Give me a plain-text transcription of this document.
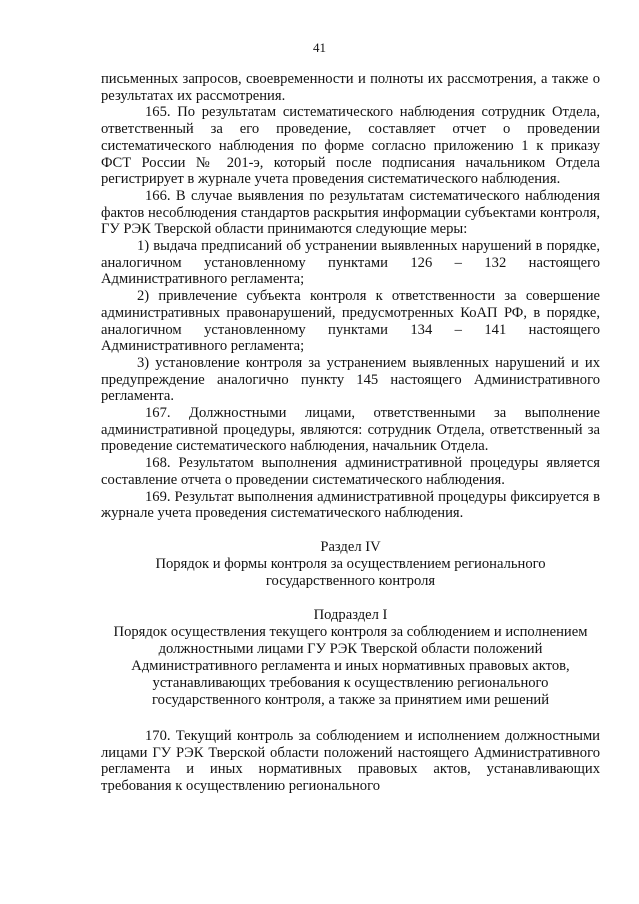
41

письменных запросов, своевременности и полноты их рассмотрения, а также о результатах их рассмотрения.

165. По результатам систематического наблюдения сотрудник Отдела, ответственный за его проведение, составляет отчет о проведении систематического наблюдения по форме согласно приложению 1 к приказу ФСТ России № 201-э, который после подписания начальником Отдела регистрирует в журнале учета проведения систематического наблюдения.

166. В случае выявления по результатам систематического наблюдения фактов несоблюдения стандартов раскрытия информации субъектами контроля, ГУ РЭК Тверской области принимаются следующие меры:

1) выдача предписаний об устранении выявленных нарушений в порядке, аналогичном установленному пунктами 126 – 132 настоящего Административного регламента;

2) привлечение субъекта контроля к ответственности за совершение административных правонарушений, предусмотренных КоАП РФ, в порядке, аналогичном установленному пунктами 134 – 141 настоящего Административного регламента;

3) установление контроля за устранением выявленных нарушений и их предупреждение аналогично пункту 145 настоящего Административного регламента.

167. Должностными лицами, ответственными за выполнение административной процедуры, являются: сотрудник Отдела, ответственный за проведение систематического наблюдения, начальник Отдела.

168. Результатом выполнения административной процедуры является составление отчета о проведении систематического наблюдения.

169. Результат выполнения административной процедуры фиксируется в журнале учета проведения систематического наблюдения.

Раздел IV

Порядок и формы контроля за осуществлением регионального

государственного контроля

Подраздел I

Порядок осуществления текущего контроля за соблюдением и исполнением

должностными лицами ГУ РЭК Тверской области положений

Административного регламента и иных нормативных правовых актов,

устанавливающих требования к осуществлению регионального

государственного контроля, а также за принятием ими решений

170. Текущий контроль за соблюдением и исполнением должностными лицами ГУ РЭК Тверской области положений настоящего Административного регламента и иных нормативных правовых актов, устанавливающих требования к осуществлению регионального
